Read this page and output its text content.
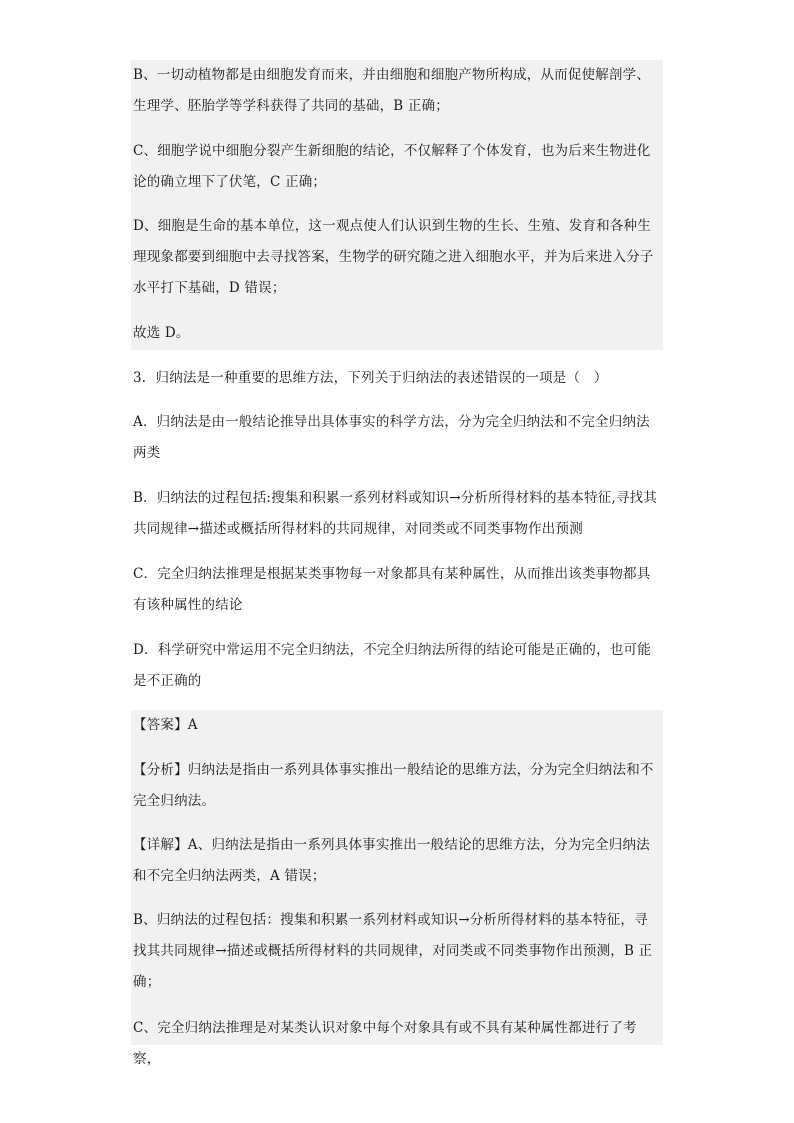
B、一切动植物都是由细胞发育而来，并由细胞和细胞产物所构成，从而促使解剖学、生理学、胚胎学等学科获得了共同的基础，B 正确；

C、细胞学说中细胞分裂产生新细胞的结论，不仅解释了个体发育，也为后来生物进化论的确立埋下了伏笔，C 正确；

D、细胞是生命的基本单位，这一观点使人们认识到生物的生长、生殖、发育和各种生理现象都要到细胞中去寻找答案，生物学的研究随之进入细胞水平，并为后来进入分子水平打下基础，D 错误；

故选 D。

3．归纳法是一种重要的思维方法，下列关于归纳法的表述错误的一项是（　）

A．归纳法是由一般结论推导出具体事实的科学方法，分为完全归纳法和不完全归纳法两类

B．归纳法的过程包括:搜集和积累一系列材料或知识→分析所得材料的基本特征,寻找其共同规律→描述或概括所得材料的共同规律，对同类或不同类事物作出预测

C．完全归纳法推理是根据某类事物每一对象都具有某种属性，从而推出该类事物都具有该种属性的结论

D．科学研究中常运用不完全归纳法，不完全归纳法所得的结论可能是正确的，也可能是不正确的

【答案】A

【分析】归纳法是指由一系列具体事实推出一般结论的思维方法，分为完全归纳法和不完全归纳法。

【详解】A、归纳法是指由一系列具体事实推出一般结论的思维方法，分为完全归纳法和不完全归纳法两类，A 错误；

B、归纳法的过程包括：搜集和积累一系列材料或知识→分析所得材料的基本特征，寻找其共同规律→描述或概括所得材料的共同规律，对同类或不同类事物作出预测，B 正确；

C、完全归纳法推理是对某类认识对象中每个对象具有或不具有某种属性都进行了考察，
